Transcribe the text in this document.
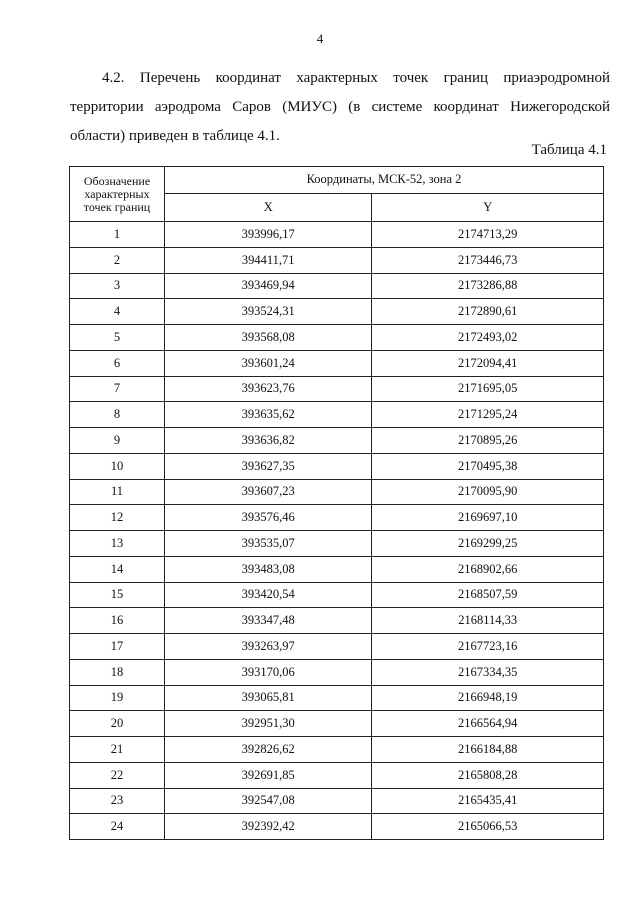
4
4.2. Перечень координат характерных точек границ приаэродромной
территории аэродрома Саров (МИУС) (в системе координат Нижегородской
области) приведен в таблице 4.1.
Таблица 4.1
Обозначение характерных точек границ	Координаты, МСК-52, зона 2	
	X	Y
1	393996,17	2174713,29
2	394411,71	2173446,73
3	393469,94	2173286,88
4	393524,31	2172890,61
5	393568,08	2172493,02
6	393601,24	2172094,41
7	393623,76	2171695,05
8	393635,62	2171295,24
9	393636,82	2170895,26
10	393627,35	2170495,38
11	393607,23	2170095,90
12	393576,46	2169697,10
13	393535,07	2169299,25
14	393483,08	2168902,66
15	393420,54	2168507,59
16	393347,48	2168114,33
17	393263,97	2167723,16
18	393170,06	2167334,35
19	393065,81	2166948,19
20	392951,30	2166564,94
21	392826,62	2166184,88
22	392691,85	2165808,28
23	392547,08	2165435,41
24	392392,42	2165066,53
